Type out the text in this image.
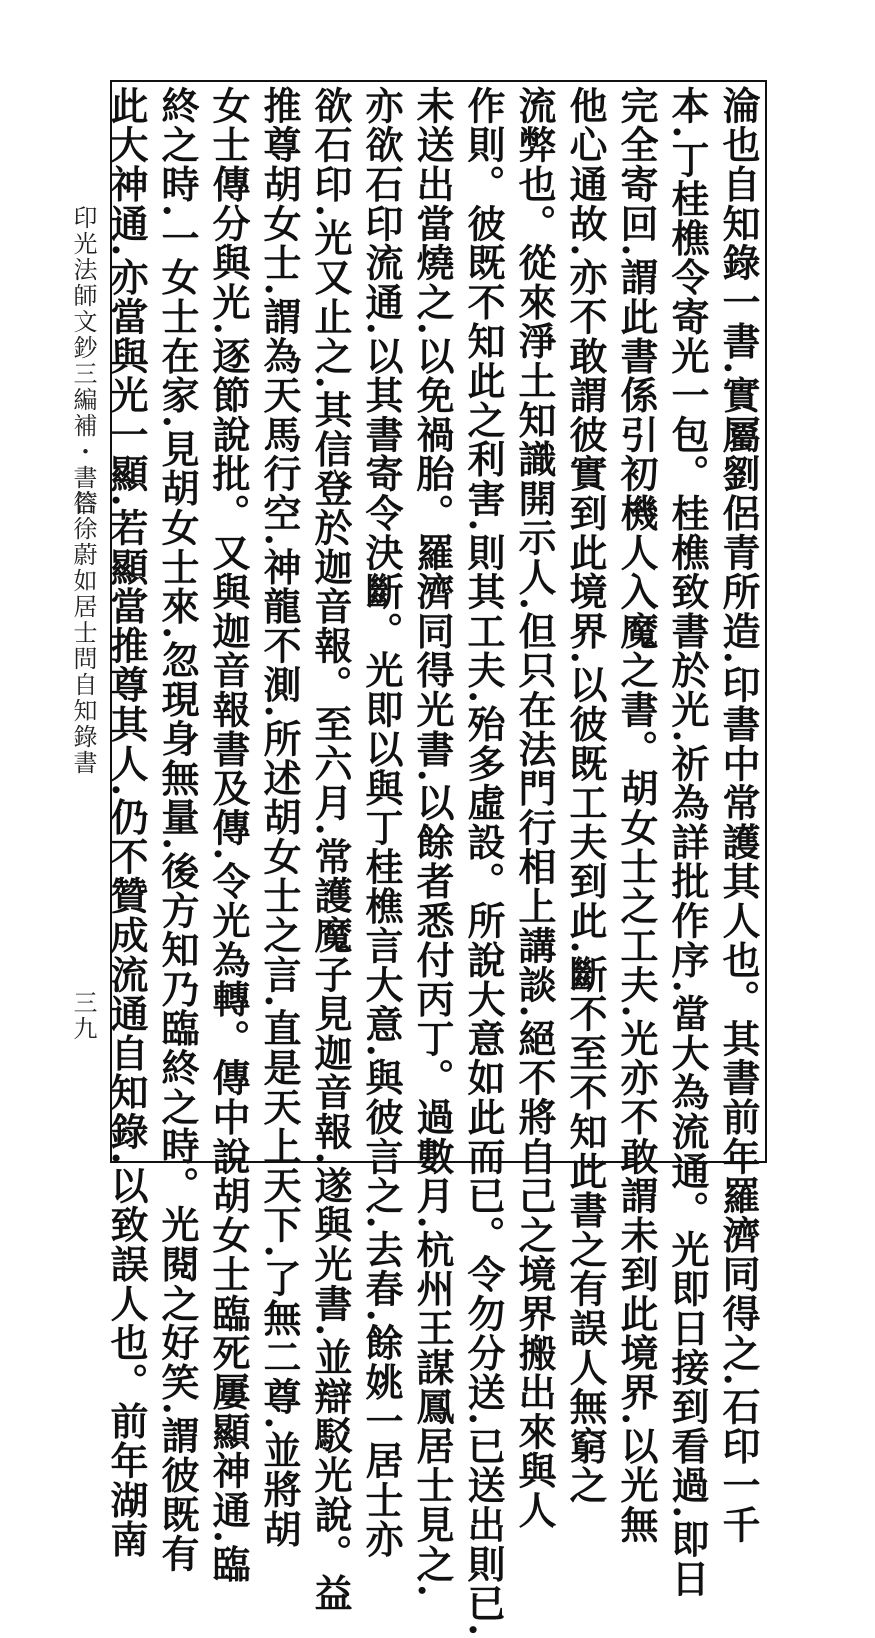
印光法師文鈔三編補・書信
答徐蔚如居士問自知錄書
三九	淪也自知錄一書.實屬劉侶青所造.印書中常護其人也。其書前年羅濟同得之.石印一千
本.丁桂樵令寄光一包。桂樵致書於光.祈為詳批作序.當大為流通。光即日接到看過.即日
完全寄回.謂此書係引初機人入魔之書。胡女士之工夫.光亦不敢謂未到此境界.以光無
他心通故.亦不敢謂彼實到此境界.以彼既工夫到此.斷不至不知此書之有誤人無窮之
流弊也。從來淨土知識開示人.但只在法門行相上講談.絕不將自己之境界搬出來與人
作則。彼既不知此之利害.則其工夫.殆多虛設。所說大意如此而已。令勿分送.已送出則已.
未送出當燒之.以免禍胎。羅濟同得光書.以餘者悉付丙丁。過數月.杭州王謀鳳居士見之.
亦欲石印流通.以其書寄令決斷。光即以與丁桂樵言大意.與彼言之.去春.餘姚一居士亦
欲石印.光又止之.其信登於迦音報。至六月.常護魔子見迦音報.遂與光書.並辯駁光說。益
推尊胡女士.謂為天馬行空.神龍不測.所述胡女士之言.直是天上天下.了無二尊.並將胡
女士傳分與光.逐節說批。又與迦音報書及傳.令光為轉。傳中說胡女士臨死屢顯神通.臨
終之時.一女士在家.見胡女士來.忽現身無量.後方知乃臨終之時。光閱之好笑.謂彼既有
此大神通.亦當與光一顯.若顯當推尊其人.仍不贊成流通自知錄.以致誤人也。前年湖南
